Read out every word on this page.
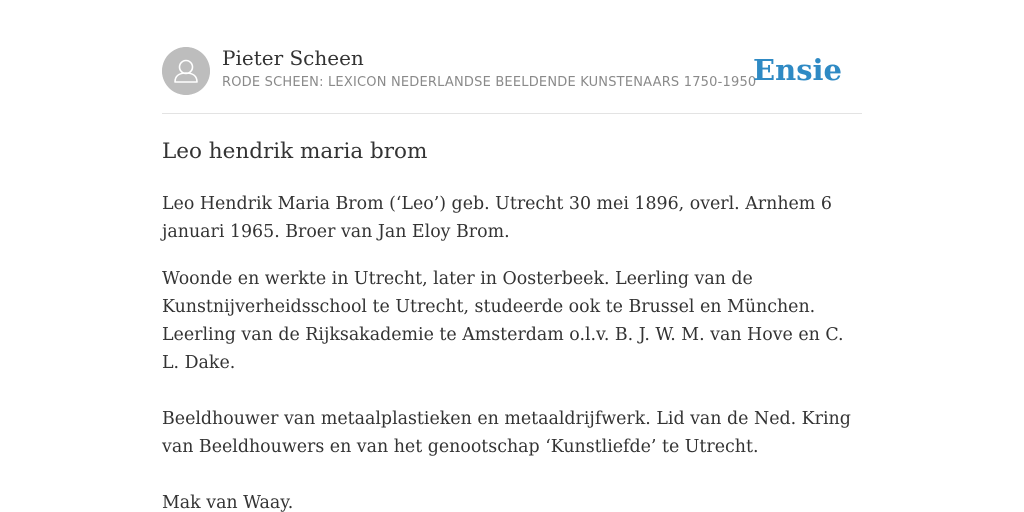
Pieter Scheen
RODE SCHEEN: LEXICON NEDERLANDSE BEELDENDE KUNSTENAARS 1750-1950
Ensie
Leo hendrik maria brom

Leo Hendrik Maria Brom (‘Leo’) geb. Utrecht 30 mei 1896, overl. Arnhem 6 januari 1965. Broer van Jan Eloy Brom.

Woonde en werkte in Utrecht, later in Oosterbeek. Leerling van de Kunstnijverheidsschool te Utrecht, studeerde ook te Brussel en München. Leerling van de Rijksakademie te Amsterdam o.l.v. B. J. W. M. van Hove en C. L. Dake.

Beeldhouwer van metaalplastieken en metaaldrijfwerk. Lid van de Ned. Kring van Beeldhouwers en van het genootschap ‘Kunstliefde’ te Utrecht.

Mak van Waay.
